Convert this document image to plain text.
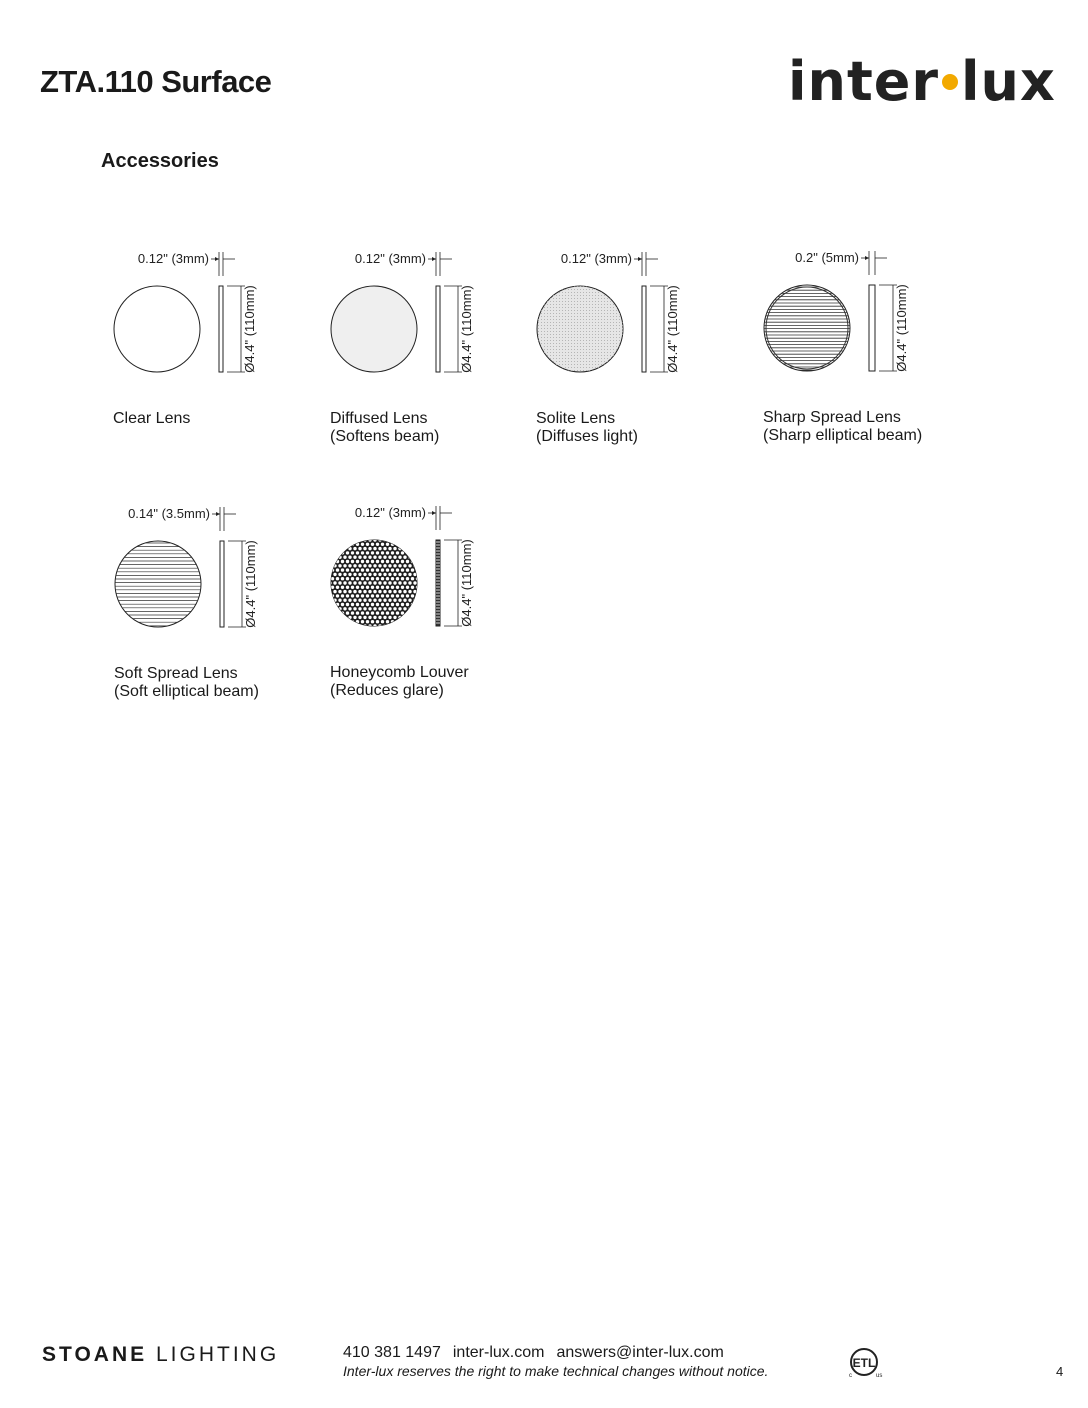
ZTA.110 Surface	inter lux
Accessories
0.12" (3mm)
Ø4.4" (110mm)
Clear Lens
0.12" (3mm)
Ø4.4" (110mm)
Diffused Lens
(Softens beam)
0.12" (3mm)
Ø4.4" (110mm)
Solite Lens
(Diffuses light)
0.2" (5mm)
Ø4.4" (110mm)
Sharp Spread Lens
(Sharp elliptical beam)
0.14" (3.5mm)
Ø4.4" (110mm)
Soft Spread Lens
(Soft elliptical beam)
0.12" (3mm)
Ø4.4" (110mm)
Honeycomb Louver
(Reduces glare)
STOANE LIGHTING	410 381 1497 inter-lux.com answers@inter-lux.com
Inter-lux reserves the right to make technical changes without notice.	ETL
c	us	4
